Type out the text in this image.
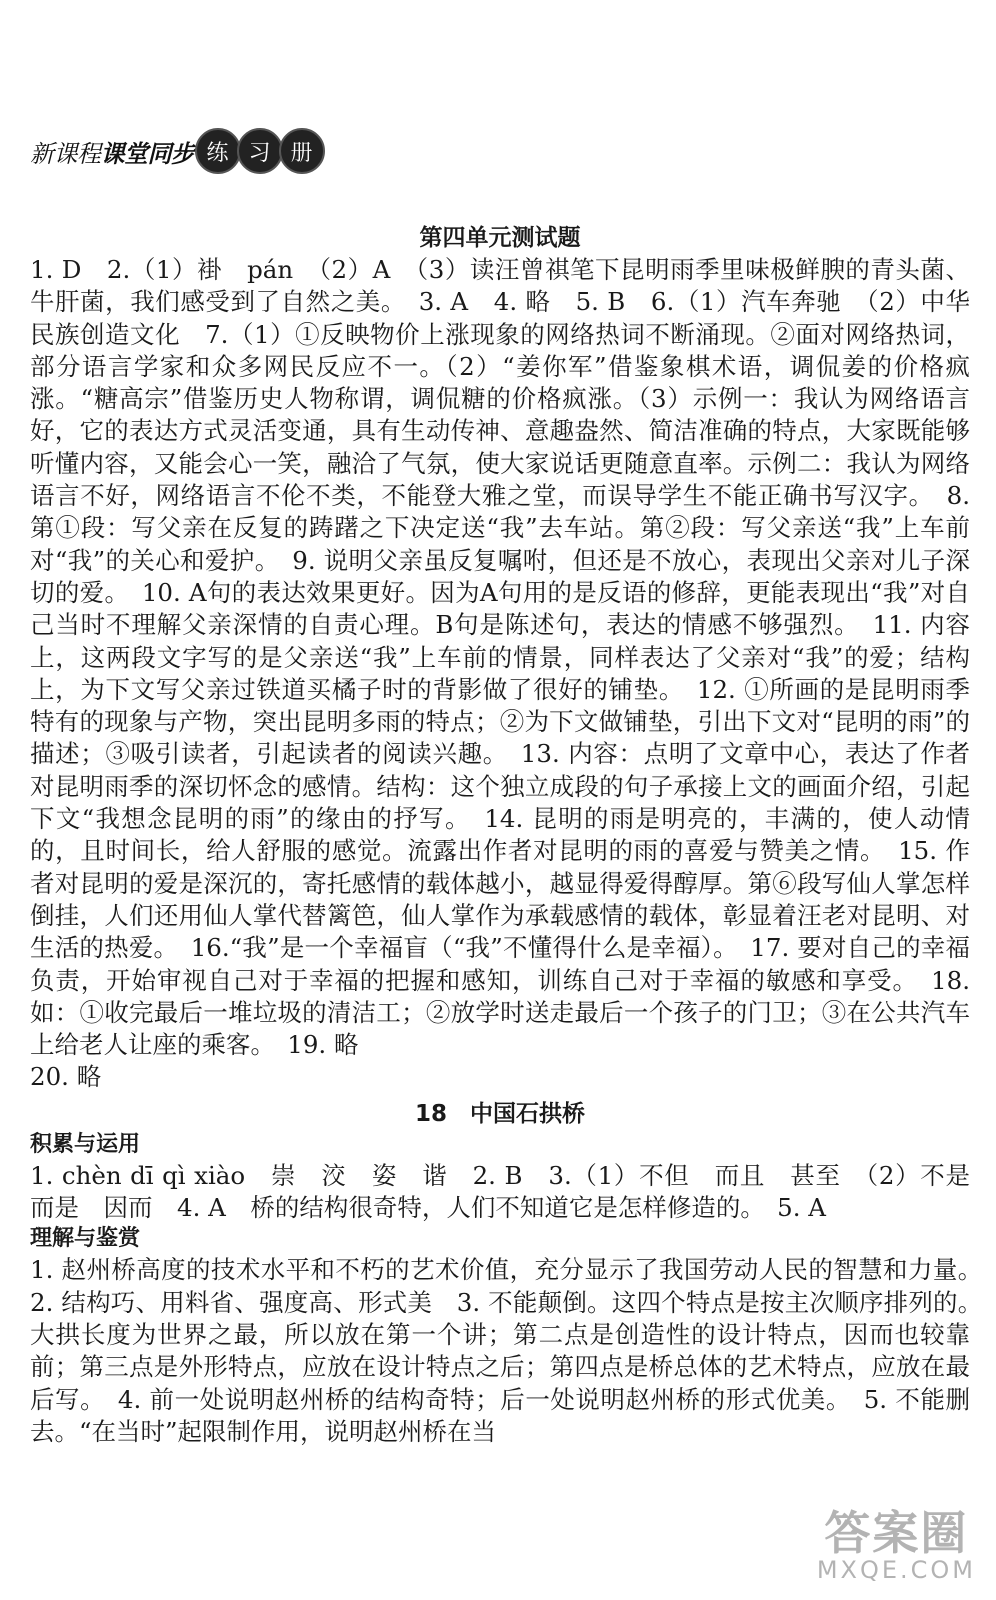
新课程课堂同步 练 习 册

第四单元测试题

1. D　2.（1）褂　pán　（2）A　（3）读汪曾祺笔下昆明雨季里味极鲜腴的青头菌、牛肝菌，我们感受到了自然之美。　3. A　4. 略　5. B　6.（1）汽车奔驰　（2）中华民族创造文化　7.（1）①反映物价上涨现象的网络热词不断涌现。②面对网络热词，部分语言学家和众多网民反应不一。（2）“姜你军”借鉴象棋术语，调侃姜的价格疯涨。“糖高宗”借鉴历史人物称谓，调侃糖的价格疯涨。（3）示例一：我认为网络语言好，它的表达方式灵活变通，具有生动传神、意趣盎然、简洁准确的特点，大家既能够听懂内容，又能会心一笑，融洽了气氛，使大家说话更随意直率。示例二：我认为网络语言不好，网络语言不伦不类，不能登大雅之堂，而误导学生不能正确书写汉字。　8. 第①段：写父亲在反复的踌躇之下决定送“我”去车站。第②段：写父亲送“我”上车前对“我”的关心和爱护。　9. 说明父亲虽反复嘱咐，但还是不放心，表现出父亲对儿子深切的爱。　10. A句的表达效果更好。因为A句用的是反语的修辞，更能表现出“我”对自己当时不理解父亲深情的自责心理。B句是陈述句，表达的情感不够强烈。　11. 内容上，这两段文字写的是父亲送“我”上车前的情景，同样表达了父亲对“我”的爱；结构上，为下文写父亲过铁道买橘子时的背影做了很好的铺垫。　12. ①所画的是昆明雨季特有的现象与产物，突出昆明多雨的特点；②为下文做铺垫，引出下文对“昆明的雨”的描述；③吸引读者，引起读者的阅读兴趣。　13. 内容：点明了文章中心，表达了作者对昆明雨季的深切怀念的感情。结构：这个独立成段的句子承接上文的画面介绍，引起下文“我想念昆明的雨”的缘由的抒写。　14. 昆明的雨是明亮的，丰满的，使人动情的，且时间长，给人舒服的感觉。流露出作者对昆明的雨的喜爱与赞美之情。　15. 作者对昆明的爱是深沉的，寄托感情的载体越小，越显得爱得醇厚。第⑥段写仙人掌怎样倒挂，人们还用仙人掌代替篱笆，仙人掌作为承载感情的载体，彰显着汪老对昆明、对生活的热爱。　16.“我”是一个幸福盲（“我”不懂得什么是幸福）。　17. 要对自己的幸福负责，开始审视自己对于幸福的把握和感知，训练自己对于幸福的敏感和享受。　18. 如：①收完最后一堆垃圾的清洁工；②放学时送走最后一个孩子的门卫；③在公共汽车上给老人让座的乘客。　19. 略

20. 略

18　中国石拱桥

积累与运用

1. chèn dī qì xiào　崇　洨　姿　谐　2. B　3.（1）不但　而且　甚至　（2）不是而是　因而　4. A　桥的结构很奇特，人们不知道它是怎样修造的。　5. A

理解与鉴赏

1. 赵州桥高度的技术水平和不朽的艺术价值，充分显示了我国劳动人民的智慧和力量。　2. 结构巧、用料省、强度高、形式美　3. 不能颠倒。这四个特点是按主次顺序排列的。　大拱长度为世界之最，所以放在第一个讲；第二点是创造性的设计特点，因而也较靠前；第三点是外形特点，应放在设计特点之后；第四点是桥总体的艺术特点，应放在最后写。　4. 前一处说明赵州桥的结构奇特；后一处说明赵州桥的形式优美。　5. 不能删去。“在当时”起限制作用，说明赵州桥在当

答案圈
MXQE.COM
